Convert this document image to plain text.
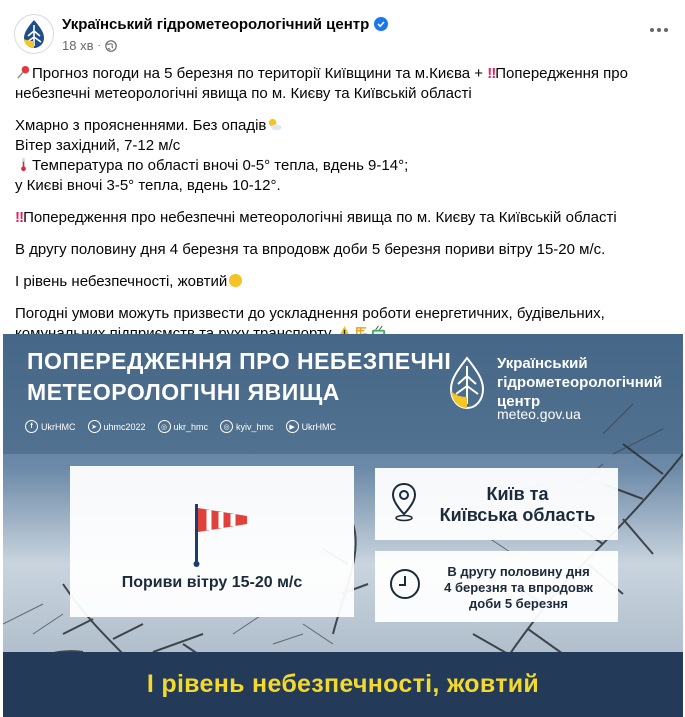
Український гідрометеорологічний центр
18 хв ·

Прогноз погоди на 5 березня по території Київщини та м.Києва + ‼Попередження про небезпечні метеорологічні явища по м. Києву та Київській області

Хмарно з проясненнями. Без опадів
Вітер західний, 7-12 м/с
Температура по області вночі 0-5° тепла, вдень 9-14°;
у Києві вночі 3-5° тепла, вдень 10-12°.

‼Попередження про небезпечні метеорологічні явища по м. Києву та Київській області

В другу половину дня 4 березня та впродовж доби 5 березня пориви вітру 15-20 м/с.

І рівень небезпечності, жовтий

Погодні умови можуть призвести до ускладнення роботи енергетичних, будівельних,

ПОПЕРЕДЖЕННЯ ПРО НЕБЕЗПЕЧНІ
МЕТЕОРОЛОГІЧНІ ЯВИЩА
Український
гідрометеорологічний
центр
meteo.gov.ua
f UkrHMC	➤ uhmc2022	◎ ukr_hmc	◎ kyiv_hmc	▶ UkrHMC
Пориви вітру 15-20 м/с
Київ та
Київська область
В другу половину дня
4 березня та впродовж
доби 5 березня
І рівень небезпечності, жовтий
